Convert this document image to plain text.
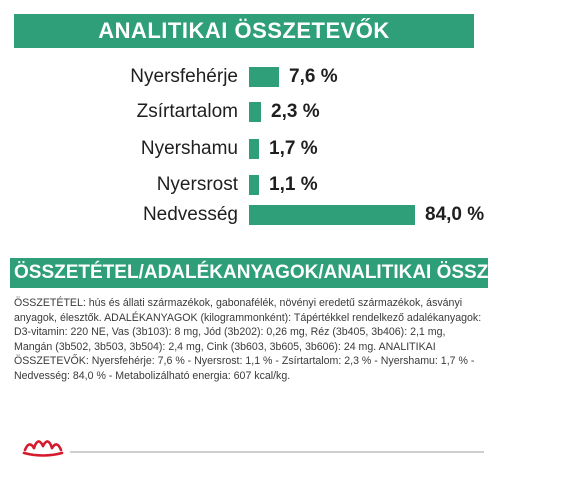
ANALITIKAI ÖSSZETEVŐK
Nyersfehérje	7,6 %
Zsírtartalom 2,3 %
Nyershamu 1,7 %
Nyersrost 1,1 %
Nedvesség	84,0 %
ÖSSZETÉTEL/ADALÉKANYAGOK/ANALITIKAI ÖSSZETEVŐK
ÖSSZETÉTEL: hús és állati származékok, gabonafélék, növényi eredetű származékok, ásványi anyagok, élesztők. ADALÉKANYAGOK (kilogrammonként): Tápértékkel rendelkező adalékanyagok: D3-vitamin: 220 NE, Vas (3b103): 8 mg, Jód (3b202): 0,26 mg, Réz (3b405, 3b406): 2,1 mg, Mangán (3b502, 3b503, 3b504): 2,4 mg, Cink (3b603, 3b605, 3b606): 24 mg. ANALITIKAI ÖSSZETEVŐK: Nyersfehérje: 7,6 % - Nyersrost: 1,1 % - Zsírtartalom: 2,3 % - Nyershamu: 1,7 % - Nedvesség: 84,0 % - Metabolizálható energia: 607 kcal/kg.
